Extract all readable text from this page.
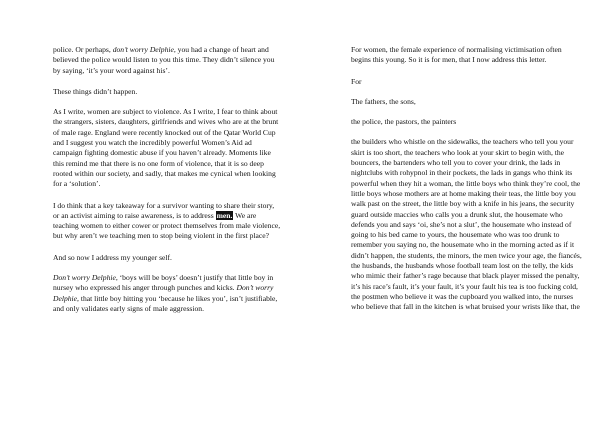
police. Or perhaps, don’t worry Delphie, you had a change of heart and believed the police would listen to you this time. They didn’t silence you by saying, ‘it’s your word against his’.

These things didn’t happen.

As I write, women are subject to violence. As I write, I fear to think about the strangers, sisters, daughters, girlfriends and wives who are at the brunt of male rage. England were recently knocked out of the Qatar World Cup and I suggest you watch the incredibly powerful Women’s Aid ad campaign fighting domestic abuse if you haven’t already. Moments like this remind me that there is no one form of violence, that it is so deep rooted within our society, and sadly, that makes me cynical when looking for a ‘solution’.

I do think that a key takeaway for a survivor wanting to share their story, or an activist aiming to raise awareness, is to address men. We are teaching women to either cower or protect themselves from male violence, but why aren’t we teaching men to stop being violent in the first place?

And so now I address my younger self.

Don’t worry Delphie, ‘boys will be boys’ doesn’t justify that little boy in nursey who expressed his anger through punches and kicks. Don’t worry Delphie, that little boy hitting you ‘because he likes you’, isn’t justifiable, and only validates early signs of male aggression.

For women, the female experience of normalising victimisation often begins this young. So it is for men, that I now address this letter.

For

The fathers, the sons,

the police, the pastors, the painters

the builders who whistle on the sidewalks, the teachers who tell you your skirt is too short, the teachers who look at your skirt to begin with, the bouncers, the bartenders who tell you to cover your drink, the lads in nightclubs with rohypnol in their pockets, the lads in gangs who think its powerful when they hit a woman, the little boys who think they’re cool, the little boys whose mothers are at home making their teas, the little boy you walk past on the street, the little boy with a knife in his jeans, the security guard outside maccies who calls you a drunk slut, the housemate who defends you and says ‘oi, she’s not a slut’, the housemate who instead of going to his bed came to yours, the housemate who was too drunk to remember you saying no, the housemate who in the morning acted as if it didn’t happen, the students, the minors, the men twice your age, the fiancés, the husbands, the husbands whose football team lost on the telly, the kids who mimic their father’s rage because that black player missed the penalty, it’s his race’s fault, it’s your fault, it’s your fault his tea is too fucking cold, the postmen who believe it was the cupboard you walked into, the nurses who believe that fall in the kitchen is what bruised your wrists like that, the
